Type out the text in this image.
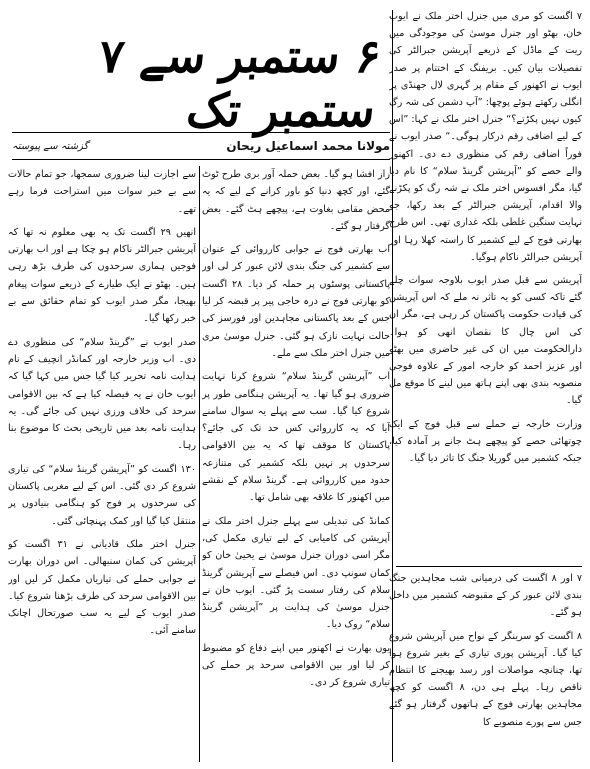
۷ اگست کو مری میں جنرل اختر ملک نے ایوب خان، بھٹو اور جنرل موسیٰ کی موجودگی میں ریت کے ماڈل کے ذریعے آپریشن جبرالٹر کی تفصیلات بیان کیں۔ بریفنگ کے اختتام پر صدر ایوب نے اکھنور کے مقام پر گہری لال جھنڈی پر انگلی رکھتے ہوئے پوچھا: ”آپ دشمن کی شہ رگ کیوں نہیں پکڑتے؟“ جنرل اختر ملک نے کہا: ”اس کے لیے اضافی رقم درکار ہوگی۔“ صدر ایوب نے فوراً اضافی رقم کی منظوری دے دی۔ اکھنور والے حصے کو ”آپریشن گرینڈ سلام“ کا نام دیا گیا، مگر افسوس اختر ملک نے شہ رگ کو پکڑنے والا اقدام، آپریشن جبرالٹر کے بعد رکھا، جو نہایت سنگین غلطی بلکہ غداری تھی۔ اس طرح بھارتی فوج کے لیے کشمیر کا راستہ کھلا رہا اور آپریشن جبرالٹر ناکام ہوگیا۔

آپریشن سے قبل صدر ایوب بلاوجہ سوات چلے گئے تاکہ کسی کو یہ تاثر نہ ملے کہ اس آپریشن کی قیادت حکومت پاکستان کر رہی ہے، مگر ان کی اس چال کا نقصان انھی کو ہوا۔ دارالحکومت میں ان کی غیر حاضری میں بھٹو اور عزیز احمد کو خارجہ امور کے علاوہ فوجی منصوبہ بندی بھی اپنے ہاتھ میں لینے کا موقع مل گیا۔

وزارت خارجہ نے حملے سے قبل فوج کے ایک چوتھائی حصے کو پیچھے ہٹ جانے پر آمادہ کیا، جبکہ کشمیر میں گوریلا جنگ کا تاثر دیا گیا۔

۶ ستمبر سے ۷ ستمبر تک
مولانا محمد اسماعیل ریحان
گزشتہ سے پیوستہ

راز افشا ہو گیا۔ بعض حملہ آور بری طرح ٹوٹ گئے، اور کچھ دنیا کو باور کرانے کے لیے کہ یہ محض مقامی بغاوت ہے، پیچھے ہٹ گئے۔ بعض گرفتار ہو گئے۔

اب بھارتی فوج نے جوابی کارروائی کے عنوان سے کشمیر کی جنگ بندی لائن عبور کر لی اور پاکستانی پوسٹوں پر حملہ کر دیا۔ ۲۸ اگست کو بھارتی فوج نے درہ حاجی پیر پر قبضہ کر لیا جس کے بعد پاکستانی مجاہدین اور فورسز کی حالت نہایت نازک ہو گئی۔ جنرل موسیٰ مری میں جنرل اختر ملک سے ملے۔

اب ”آپریشن گرینڈ سلام“ شروع کرنا نہایت ضروری ہو گیا تھا۔ یہ آپریشن ہنگامی طور پر شروع کیا گیا۔ سب سے پہلے یہ سوال سامنے آیا کہ یہ کارروائی کس حد تک کی جائے؟ پاکستان کا موقف تھا کہ یہ بین الاقوامی سرحدوں پر نہیں بلکہ کشمیر کی متنازعہ حدود میں کارروائی ہے۔ گرینڈ سلام کے نقشے میں اکھنور کا علاقہ بھی شامل تھا۔

کمانڈ کی تبدیلی سے پہلے جنرل اختر ملک نے آپریشن کی کامیابی کے لیے تیاری مکمل کی، مگر اسی دوران جنرل موسیٰ نے یحییٰ خان کو کمان سونپ دی۔ اس فیصلے سے آپریشن گرینڈ سلام کی رفتار سست پڑ گئی۔ ایوب خان نے جنرل موسیٰ کی ہدایت پر ”آپریشن گرینڈ سلام“ روک دیا۔

یوں بھارت نے اکھنور میں اپنے دفاع کو مضبوط کر لیا اور بین الاقوامی سرحد پر حملے کی تیاری شروع کر دی۔

سے اجازت لینا ضروری سمجھا، جو تمام حالات سے بے خبر سوات میں استراحت فرما رہے تھے۔

انھیں ۲۹ اگست تک یہ بھی معلوم نہ تھا کہ آپریشن جبرالٹر ناکام ہو چکا ہے اور اب بھارتی فوجیں ہماری سرحدوں کی طرف بڑھ رہی ہیں۔ بھٹو نے ایک طیارے کے ذریعے سوات پیغام بھیجا، مگر صدر ایوب کو تمام حقائق سے بے خبر رکھا گیا۔

صدر ایوب نے ”گرینڈ سلام“ کی منظوری دے دی۔ اب وزیر خارجہ اور کمانڈر انچیف کے نام ہدایت نامہ تحریر کیا گیا جس میں کہا گیا کہ ایوب خان نے یہ فیصلہ کیا ہے کہ بین الاقوامی سرحد کی خلاف ورزی نہیں کی جائے گی۔ یہ ہدایت نامہ بعد میں تاریخی بحث کا موضوع بنا رہا۔

۱۳۰ اگست کو ”آپریشن گرینڈ سلام“ کی تیاری شروع کر دی گئی۔ اس کے لیے مغربی پاکستان کی سرحدوں پر فوج کو ہنگامی بنیادوں پر منتقل کیا گیا اور کمک پہنچائی گئی۔

جنرل اختر ملک قادیانی نے ۳۱ اگست کو آپریشن کی کمان سنبھالی۔ اس دوران بھارت نے جوابی حملے کی تیاریاں مکمل کر لیں اور بین الاقوامی سرحد کی طرف بڑھنا شروع کیا۔ صدر ایوب کے لیے یہ سب صورتحال اچانک سامنے آئی۔

۷ اور ۸ اگست کی درمیانی شب مجاہدین جنگ بندی لائن عبور کر کے مقبوضہ کشمیر میں داخل ہو گئے۔

۸ اگست کو سرینگر کے نواح میں آپریشن شروع کیا گیا۔ آپریشن پوری تیاری کے بغیر شروع ہوا تھا، چنانچہ مواصلات اور رسد بھیجنے کا انتظام ناقص رہا۔ پہلے ہی دن، ۸ اگست کو کچھ مجاہدین بھارتی فوج کے ہاتھوں گرفتار ہو گئے جس سے پورے منصوبے کا
